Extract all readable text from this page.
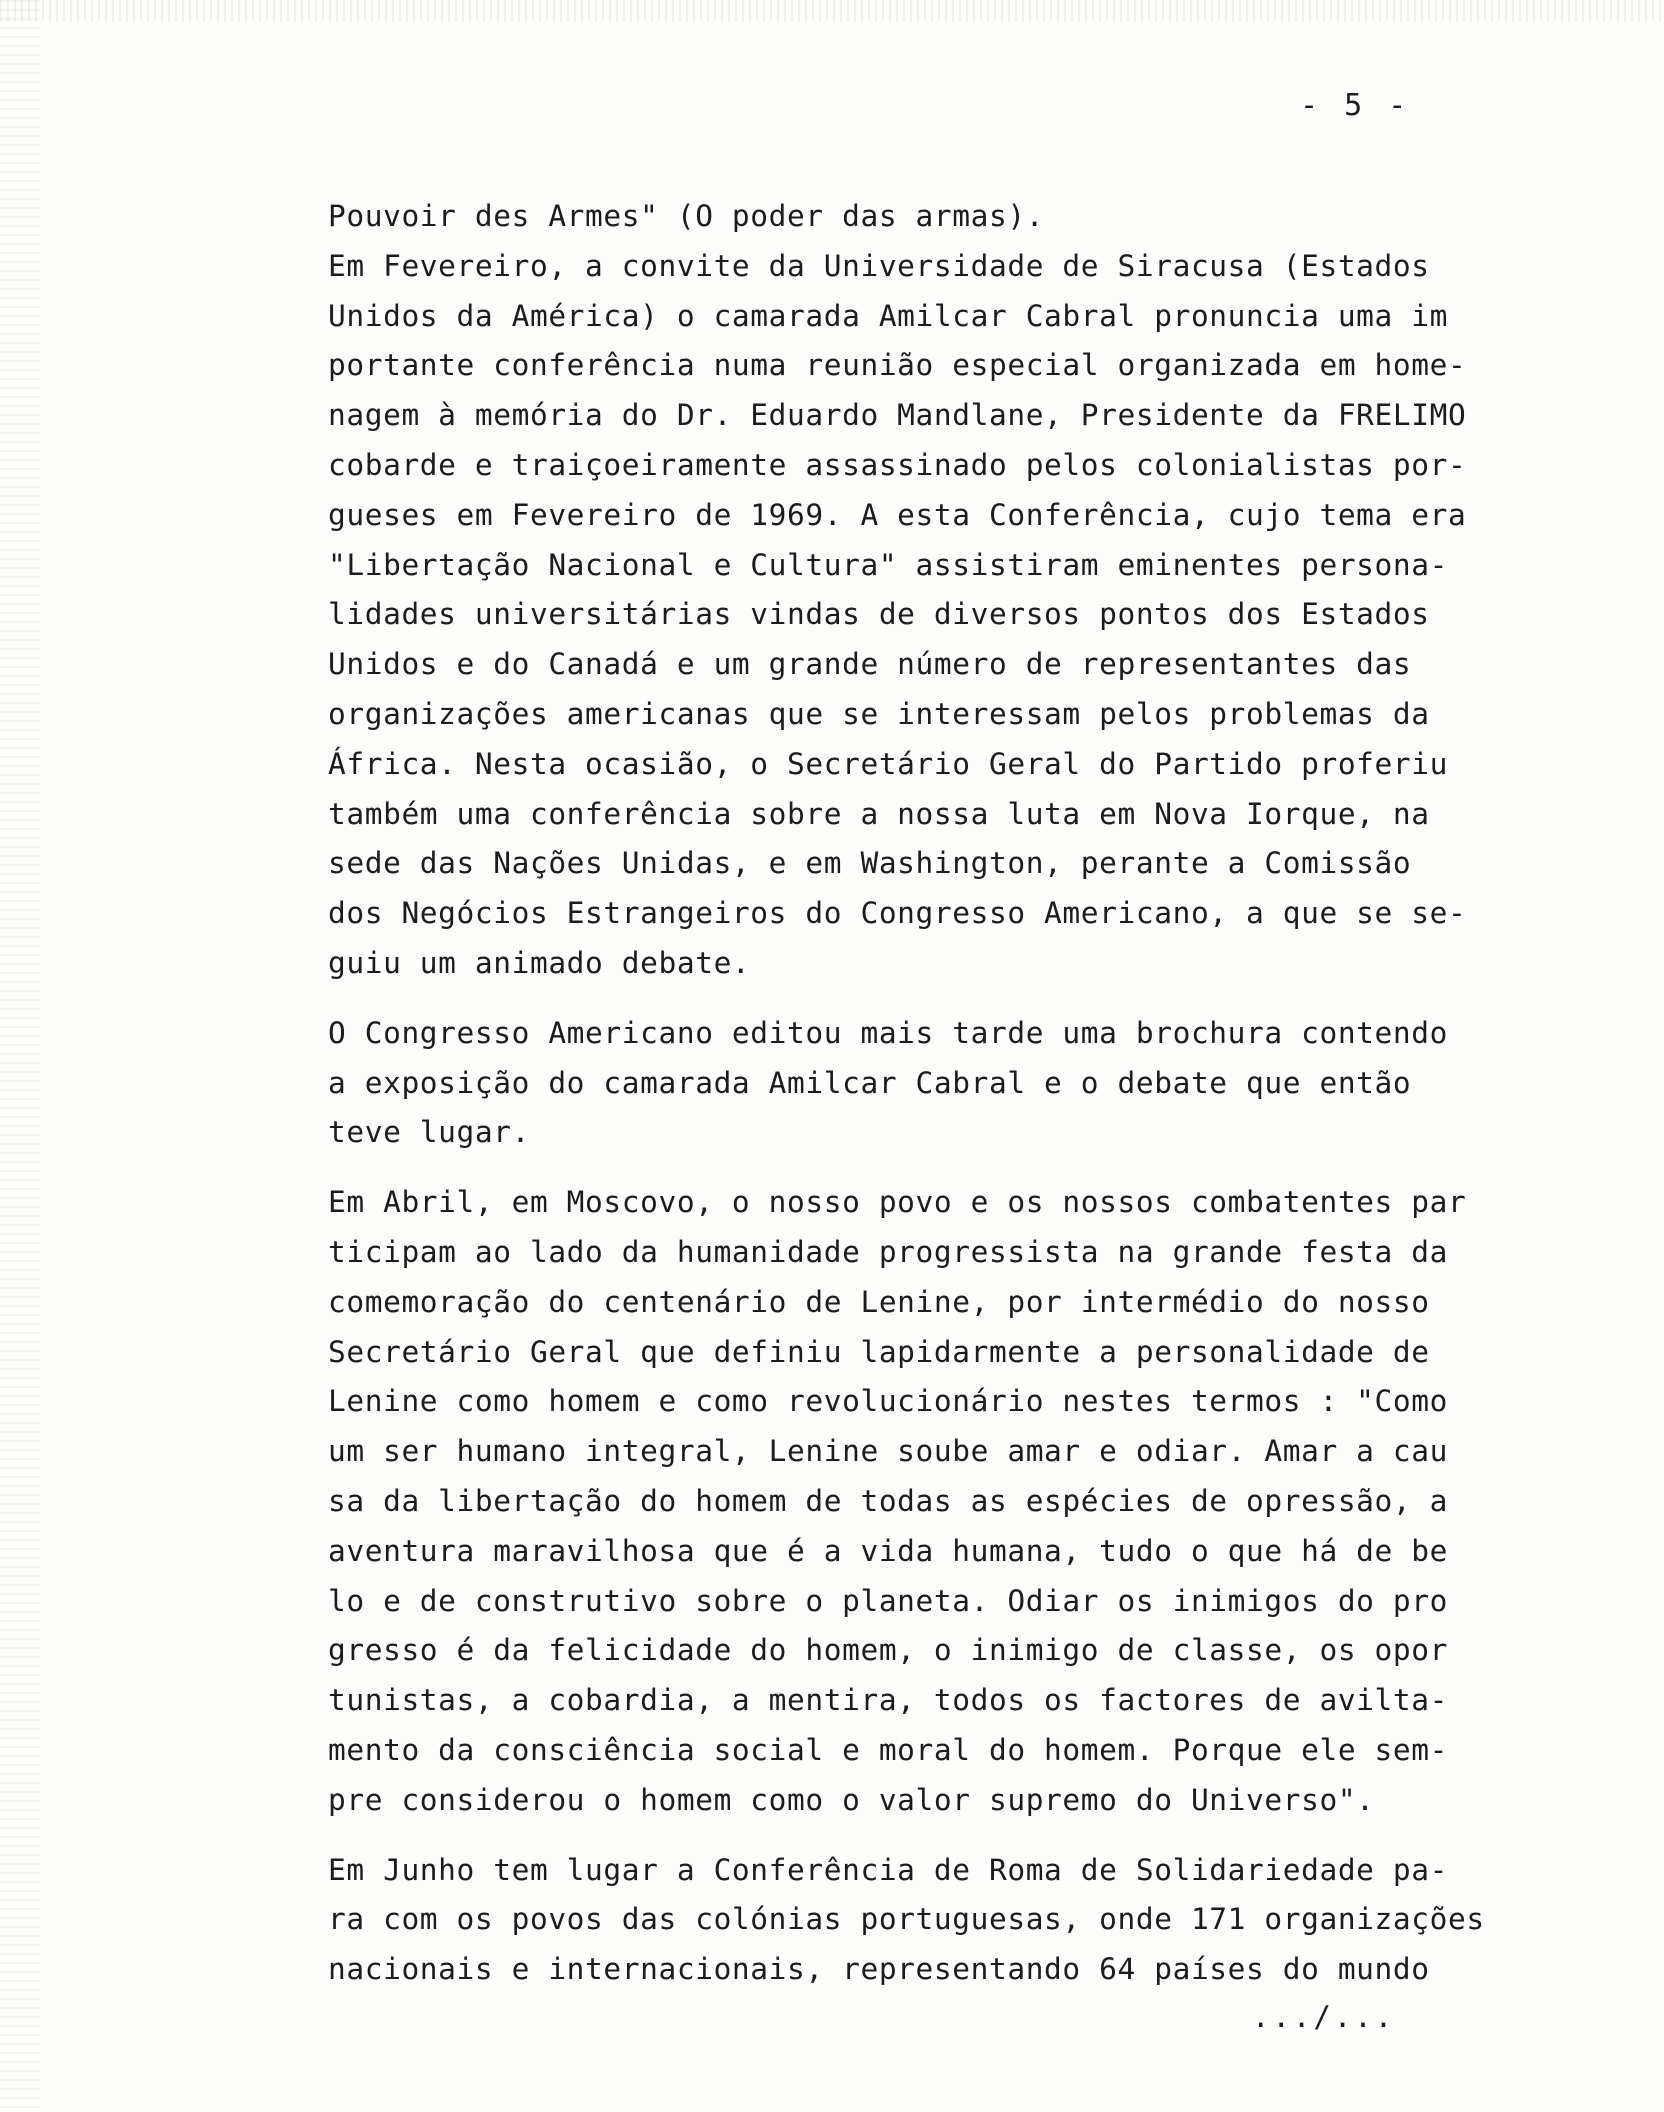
- 5 -
Pouvoir des Armes" (O poder das armas).
Em Fevereiro, a convite da Universidade de Siracusa (Estados
Unidos da América) o camarada Amilcar Cabral pronuncia uma im
portante conferência numa reunião especial organizada em home-
nagem à memória do Dr. Eduardo Mandlane, Presidente da FRELIMO
cobarde e traiçoeiramente assassinado pelos colonialistas por-
gueses em Fevereiro de 1969. A esta Conferência, cujo tema era
"Libertação Nacional e Cultura" assistiram eminentes persona-
lidades universitárias vindas de diversos pontos dos Estados
Unidos e do Canadá e um grande número de representantes das
organizações americanas que se interessam pelos problemas da
África. Nesta ocasião, o Secretário Geral do Partido proferiu
também uma conferência sobre a nossa luta em Nova Iorque, na
sede das Nações Unidas, e em Washington, perante a Comissão
dos Negócios Estrangeiros do Congresso Americano, a que se se-
guiu um animado debate.
O Congresso Americano editou mais tarde uma brochura contendo
a exposição do camarada Amilcar Cabral e o debate que então
teve lugar.
Em Abril, em Moscovo, o nosso povo e os nossos combatentes par
ticipam ao lado da humanidade progressista na grande festa da
comemoração do centenário de Lenine, por intermédio do nosso
Secretário Geral que definiu lapidarmente a personalidade de
Lenine como homem e como revolucionário nestes termos : "Como
um ser humano integral, Lenine soube amar e odiar. Amar a cau
sa da libertação do homem de todas as espécies de opressão, a
aventura maravilhosa que é a vida humana, tudo o que há de be
lo e de construtivo sobre o planeta. Odiar os inimigos do pro
gresso é da felicidade do homem, o inimigo de classe, os opor
tunistas, a cobardia, a mentira, todos os factores de avilta-
mento da consciência social e moral do homem. Porque ele sem-
pre considerou o homem como o valor supremo do Universo".
Em Junho tem lugar a Conferência de Roma de Solidariedade pa-
ra com os povos das colónias portuguesas, onde 171 organizações
nacionais e internacionais, representando 64 países do mundo
.../...
